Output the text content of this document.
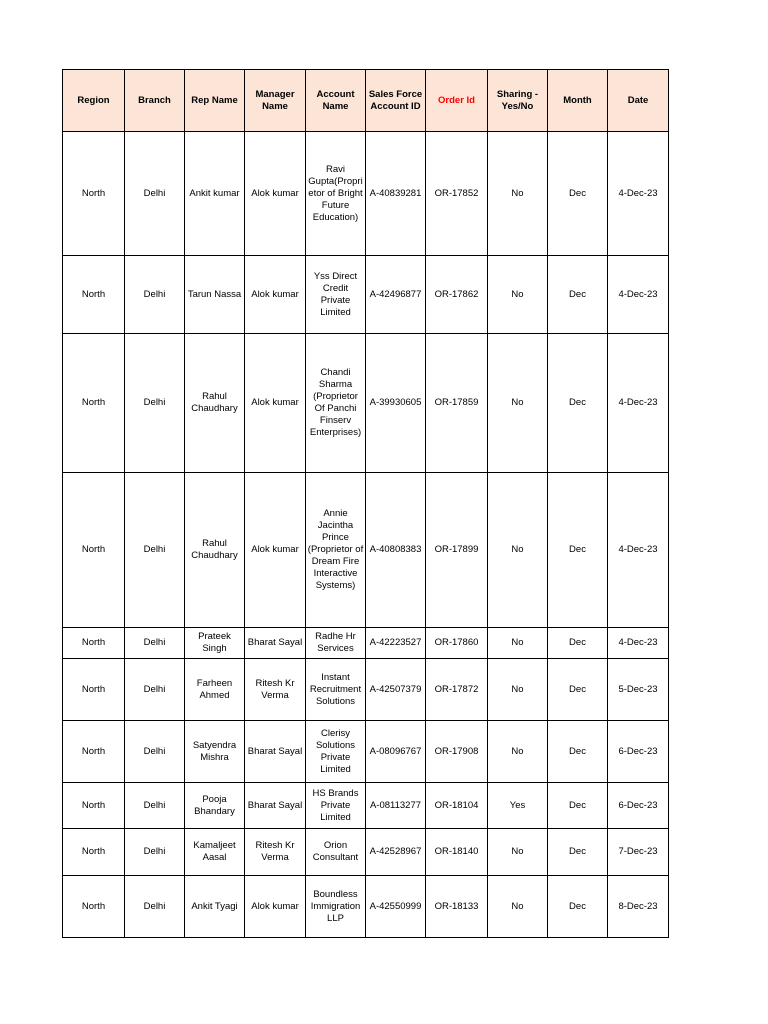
Region	Branch	Rep Name	Manager Name	Account Name	Sales Force Account ID	Order Id	Sharing - Yes/No	Month	Date
North	Delhi	Ankit kumar	Alok kumar	Ravi Gupta(Proprietor of Bright Future Education)	A-40839281	OR-17852	No	Dec	4-Dec-23
North	Delhi	Tarun Nassa	Alok kumar	Yss Direct Credit Private Limited	A-42496877	OR-17862	No	Dec	4-Dec-23
North	Delhi	Rahul Chaudhary	Alok kumar	Chandi Sharma (Proprietor Of Panchi Finserv Enterprises)	A-39930605	OR-17859	No	Dec	4-Dec-23
North	Delhi	Rahul Chaudhary	Alok kumar	Annie Jacintha Prince (Proprietor of Dream Fire Interactive Systems)	A-40808383	OR-17899	No	Dec	4-Dec-23
North	Delhi	Prateek Singh	Bharat Sayal	Radhe Hr Services	A-42223527	OR-17860	No	Dec	4-Dec-23
North	Delhi	Farheen Ahmed	Ritesh Kr Verma	Instant Recruitment Solutions	A-42507379	OR-17872	No	Dec	5-Dec-23
North	Delhi	Satyendra Mishra	Bharat Sayal	Clerisy Solutions Private Limited	A-08096767	OR-17908	No	Dec	6-Dec-23
North	Delhi	Pooja Bhandary	Bharat Sayal	HS Brands Private Limited	A-08113277	OR-18104	Yes	Dec	6-Dec-23
North	Delhi	Kamaljeet Aasal	Ritesh Kr Verma	Orion Consultant	A-42528967	OR-18140	No	Dec	7-Dec-23
North	Delhi	Ankit Tyagi	Alok kumar	Boundless Immigration LLP	A-42550999	OR-18133	No	Dec	8-Dec-23
